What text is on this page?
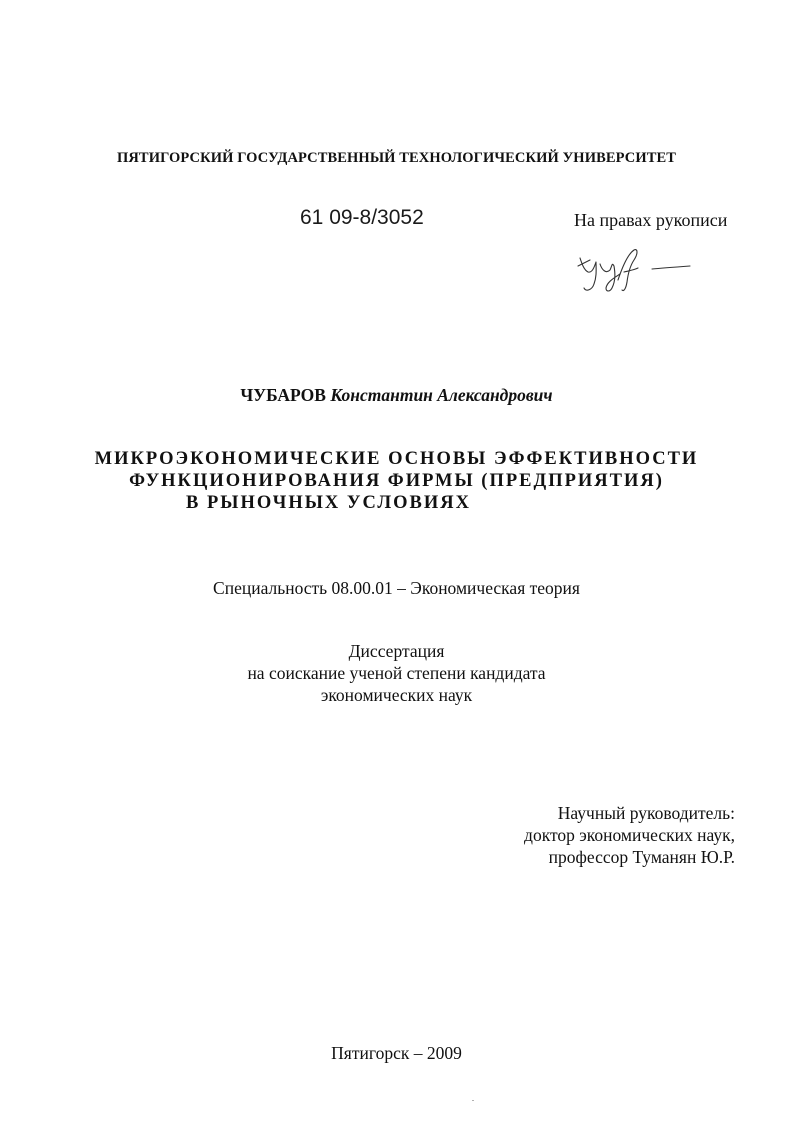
ПЯТИГОРСКИЙ ГОСУДАРСТВЕННЫЙ ТЕХНОЛОГИЧЕСКИЙ УНИВЕРСИТЕТ

61 09-8/3052	На правах рукописи

ЧУБАРОВ Константин Александрович

МИКРОЭКОНОМИЧЕСКИЕ ОСНОВЫ ЭФФЕКТИВНОСТИ
ФУНКЦИОНИРОВАНИЯ ФИРМЫ (ПРЕДПРИЯТИЯ)
В РЫНОЧНЫХ УСЛОВИЯХ

Специальность 08.00.01 – Экономическая теория

Диссертация
на соискание ученой степени кандидата
экономических наук
Научный руководитель:
доктор экономических наук,
профессор Туманян Ю.Р.

Пятигорск – 2009
